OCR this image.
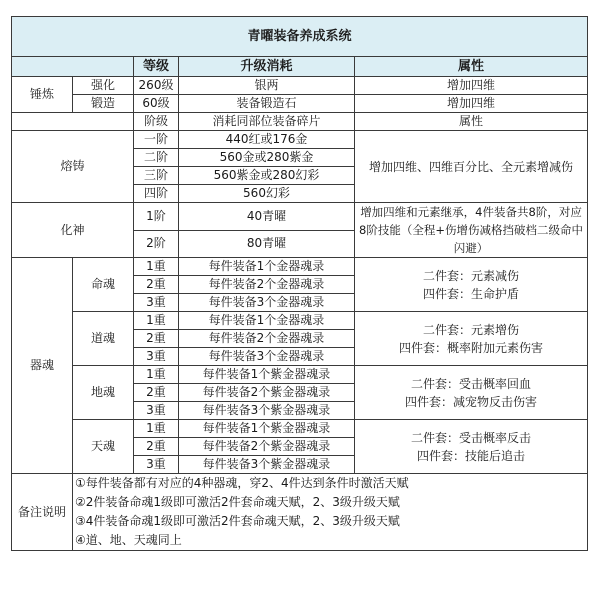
青曜装备养成系统				
		等级	升级消耗	属性
锤炼	强化	260级	银两	增加四维
	锻造	60级	装备锻造石	增加四维
		阶级	消耗同部位装备碎片	属性
熔铸		一阶	440红或176金	增加四维、四维百分比、全元素增减伤
		二阶	560金或280紫金	
		三阶	560紫金或280幻彩	
		四阶	560幻彩	
化神		1阶	40青曜	增加四维和元素继承，4件装备共8阶，对应8阶技能（全程+伤增伤减格挡破档二级命中闪避）
		2阶	80青曜	
器魂	命魂	1重	每件装备1个金器魂录	二件套：元素减伤
四件套：生命护盾

		2重	每件装备2个金器魂录	
		3重	每件装备3个金器魂录	
	道魂	1重	每件装备1个金器魂录	二件套：元素增伤
四件套：概率附加元素伤害

		2重	每件装备2个金器魂录	
		3重	每件装备3个金器魂录	
	地魂	1重	每件装备1个紫金器魂录	二件套：受击概率回血
四件套：减宠物反击伤害

		2重	每件装备2个紫金器魂录	
		3重	每件装备3个紫金器魂录	
	天魂	1重	每件装备1个紫金器魂录	二件套：受击概率反击
四件套：技能后追击

		2重	每件装备2个紫金器魂录	
		3重	每件装备3个紫金器魂录	
备注说明	①每件装备都有对应的4种器魂，穿2、4件达到条件时激活天赋
②2件装备命魂1级即可激活2件套命魂天赋，2、3级升级天赋
③4件装备命魂1级即可激活2件套命魂天赋，2、3级升级天赋
④道、地、天魂同上			
